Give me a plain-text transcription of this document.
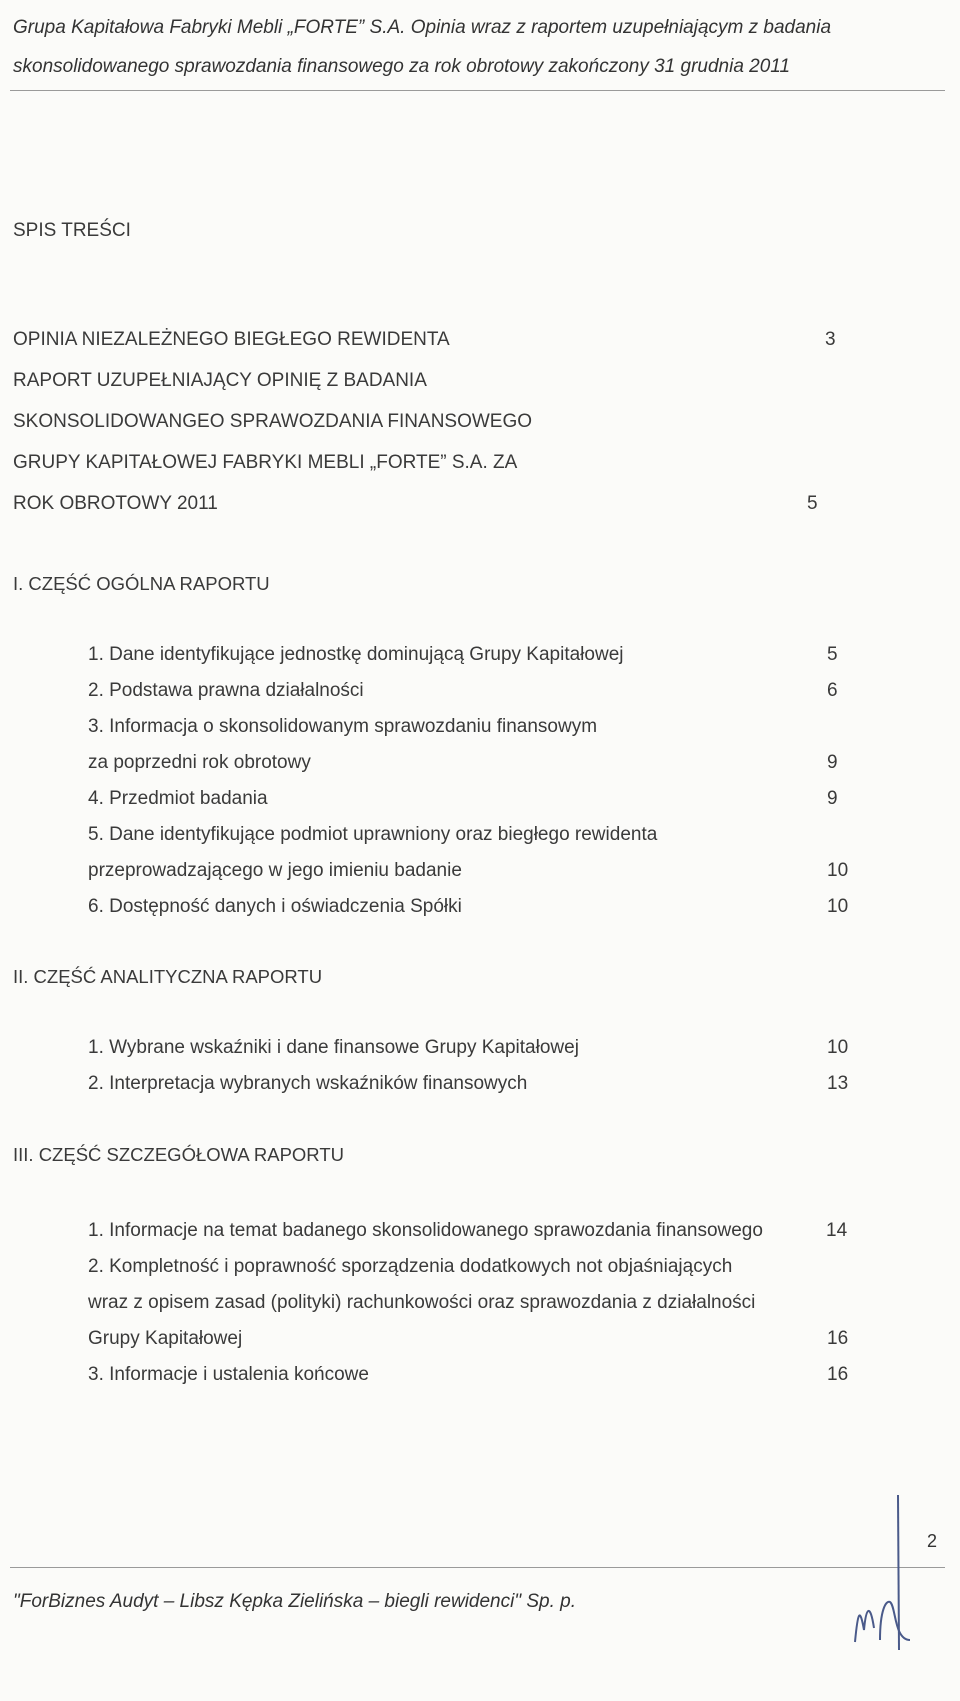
Grupa Kapitałowa Fabryki Mebli „FORTE” S.A. Opinia wraz z raportem uzupełniającym z badania
skonsolidowanego sprawozdania finansowego za rok obrotowy zakończony 31 grudnia 2011
SPIS TREŚCI
OPINIA NIEZALEŻNEGO BIEGŁEGO REWIDENTA	3
RAPORT UZUPEŁNIAJĄCY OPINIĘ Z BADANIA
SKONSOLIDOWANGEO SPRAWOZDANIA FINANSOWEGO
GRUPY KAPITAŁOWEJ FABRYKI MEBLI „FORTE” S.A. ZA
ROK OBROTOWY 2011	5
I. CZĘŚĆ OGÓLNA RAPORTU
1. Dane identyfikujące jednostkę dominującą Grupy Kapitałowej	5
2. Podstawa prawna działalności	6
3. Informacja o skonsolidowanym sprawozdaniu finansowym
za poprzedni rok obrotowy	9
4. Przedmiot badania	9
5. Dane identyfikujące podmiot uprawniony oraz biegłego rewidenta
przeprowadzającego w jego imieniu badanie	10
6. Dostępność danych i oświadczenia Spółki	10
II. CZĘŚĆ ANALITYCZNA RAPORTU
1. Wybrane wskaźniki i dane finansowe Grupy Kapitałowej	10
2. Interpretacja wybranych wskaźników finansowych	13
III. CZĘŚĆ SZCZEGÓŁOWA RAPORTU
1. Informacje na temat badanego skonsolidowanego sprawozdania finansowego	14
2. Kompletność i poprawność sporządzenia dodatkowych not objaśniających
wraz z opisem zasad (polityki) rachunkowości oraz sprawozdania z działalności
Grupy Kapitałowej	16
3. Informacje i ustalenia końcowe	16
2
"ForBiznes Audyt – Libsz Kępka Zielińska – biegli rewidenci" Sp. p.
